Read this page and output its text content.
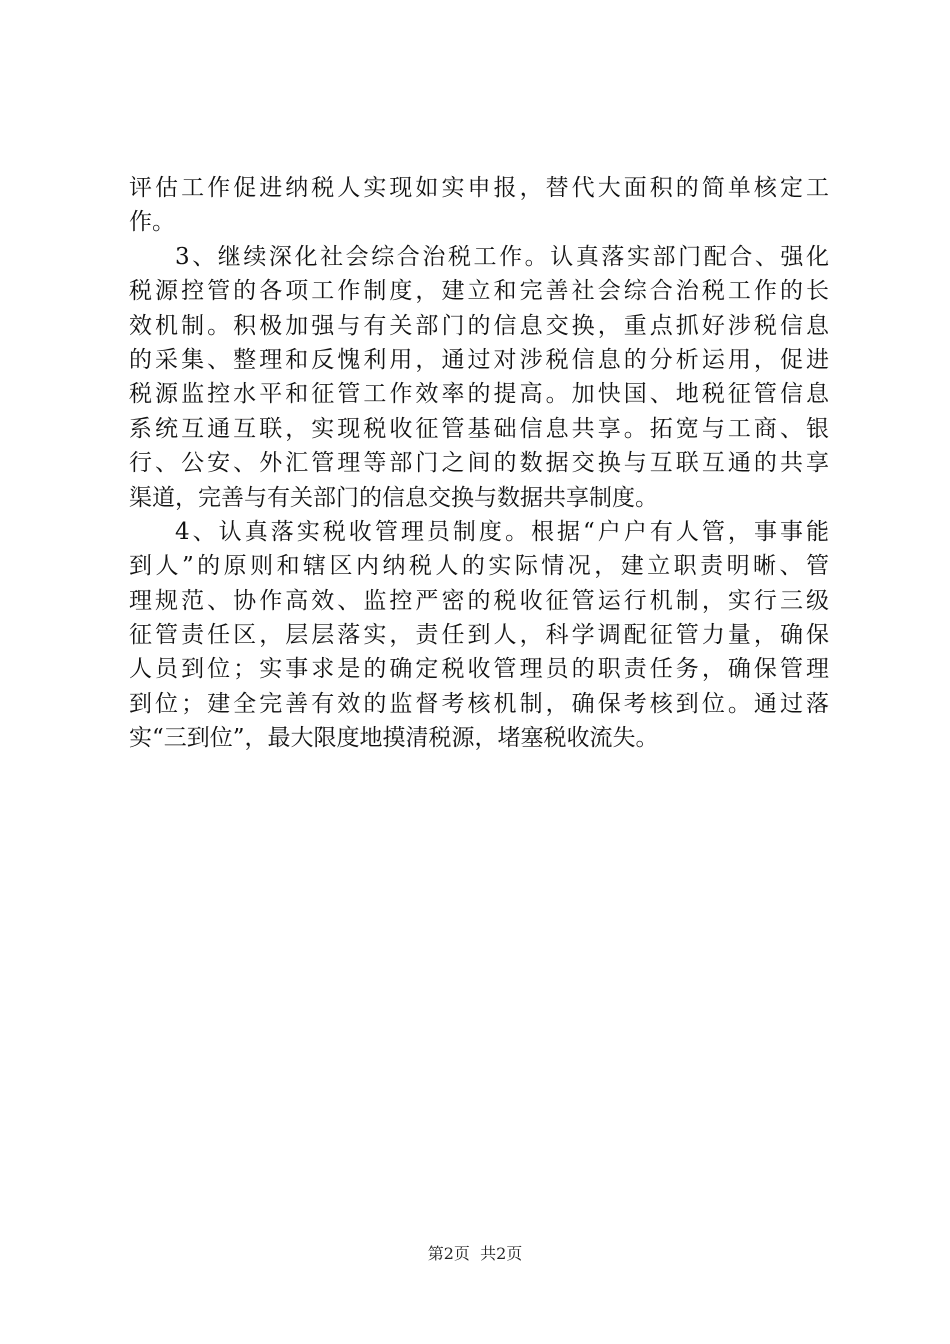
评估工作促进纳税人实现如实申报，替代大面积的简单核定工
作。
3、继续深化社会综合治税工作。认真落实部门配合、强化
税源控管的各项工作制度，建立和完善社会综合治税工作的长
效机制。积极加强与有关部门的信息交换，重点抓好涉税信息
的采集、整理和反愧利用，通过对涉税信息的分析运用，促进
税源监控水平和征管工作效率的提高。加快国、地税征管信息
系统互通互联，实现税收征管基础信息共享。拓宽与工商、银
行、公安、外汇管理等部门之间的数据交换与互联互通的共享
渠道，完善与有关部门的信息交换与数据共享制度。
4、认真落实税收管理员制度。根据“户户有人管，事事能
到人”的原则和辖区内纳税人的实际情况，建立职责明晰、管
理规范、协作高效、监控严密的税收征管运行机制，实行三级
征管责任区，层层落实，责任到人，科学调配征管力量，确保
人员到位；实事求是的确定税收管理员的职责任务，确保管理
到位；建全完善有效的监督考核机制，确保考核到位。通过落
实“三到位”，最大限度地摸清税源，堵塞税收流失。
第2页 共2页
